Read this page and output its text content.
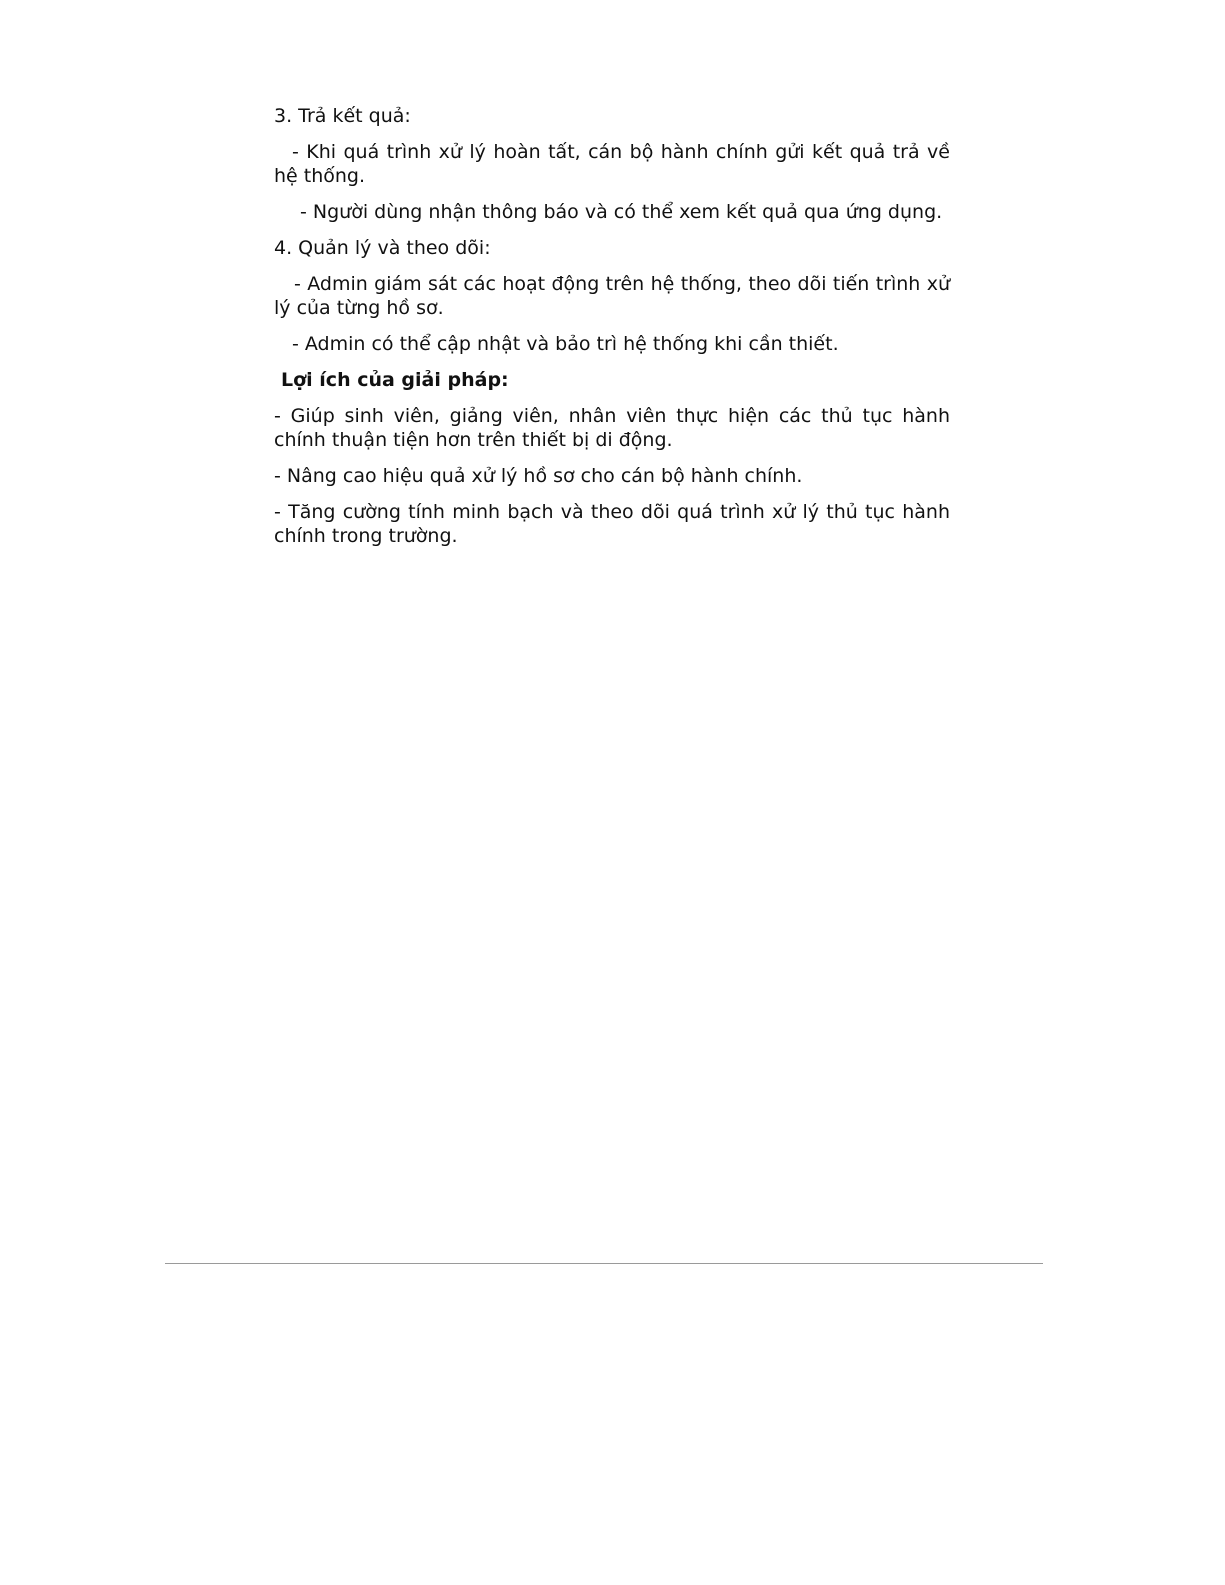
3. Trả kết quả:

- Khi quá trình xử lý hoàn tất, cán bộ hành chính gửi kết quả trả về hệ thống.

- Người dùng nhận thông báo và có thể xem kết quả qua ứng dụng.

4. Quản lý và theo dõi:

- Admin giám sát các hoạt động trên hệ thống, theo dõi tiến trình xử lý của từng hồ sơ.

- Admin có thể cập nhật và bảo trì hệ thống khi cần thiết.

Lợi ích của giải pháp:

- Giúp sinh viên, giảng viên, nhân viên thực hiện các thủ tục hành chính thuận tiện hơn trên thiết bị di động.

- Nâng cao hiệu quả xử lý hồ sơ cho cán bộ hành chính.

- Tăng cường tính minh bạch và theo dõi quá trình xử lý thủ tục hành chính trong trường.
